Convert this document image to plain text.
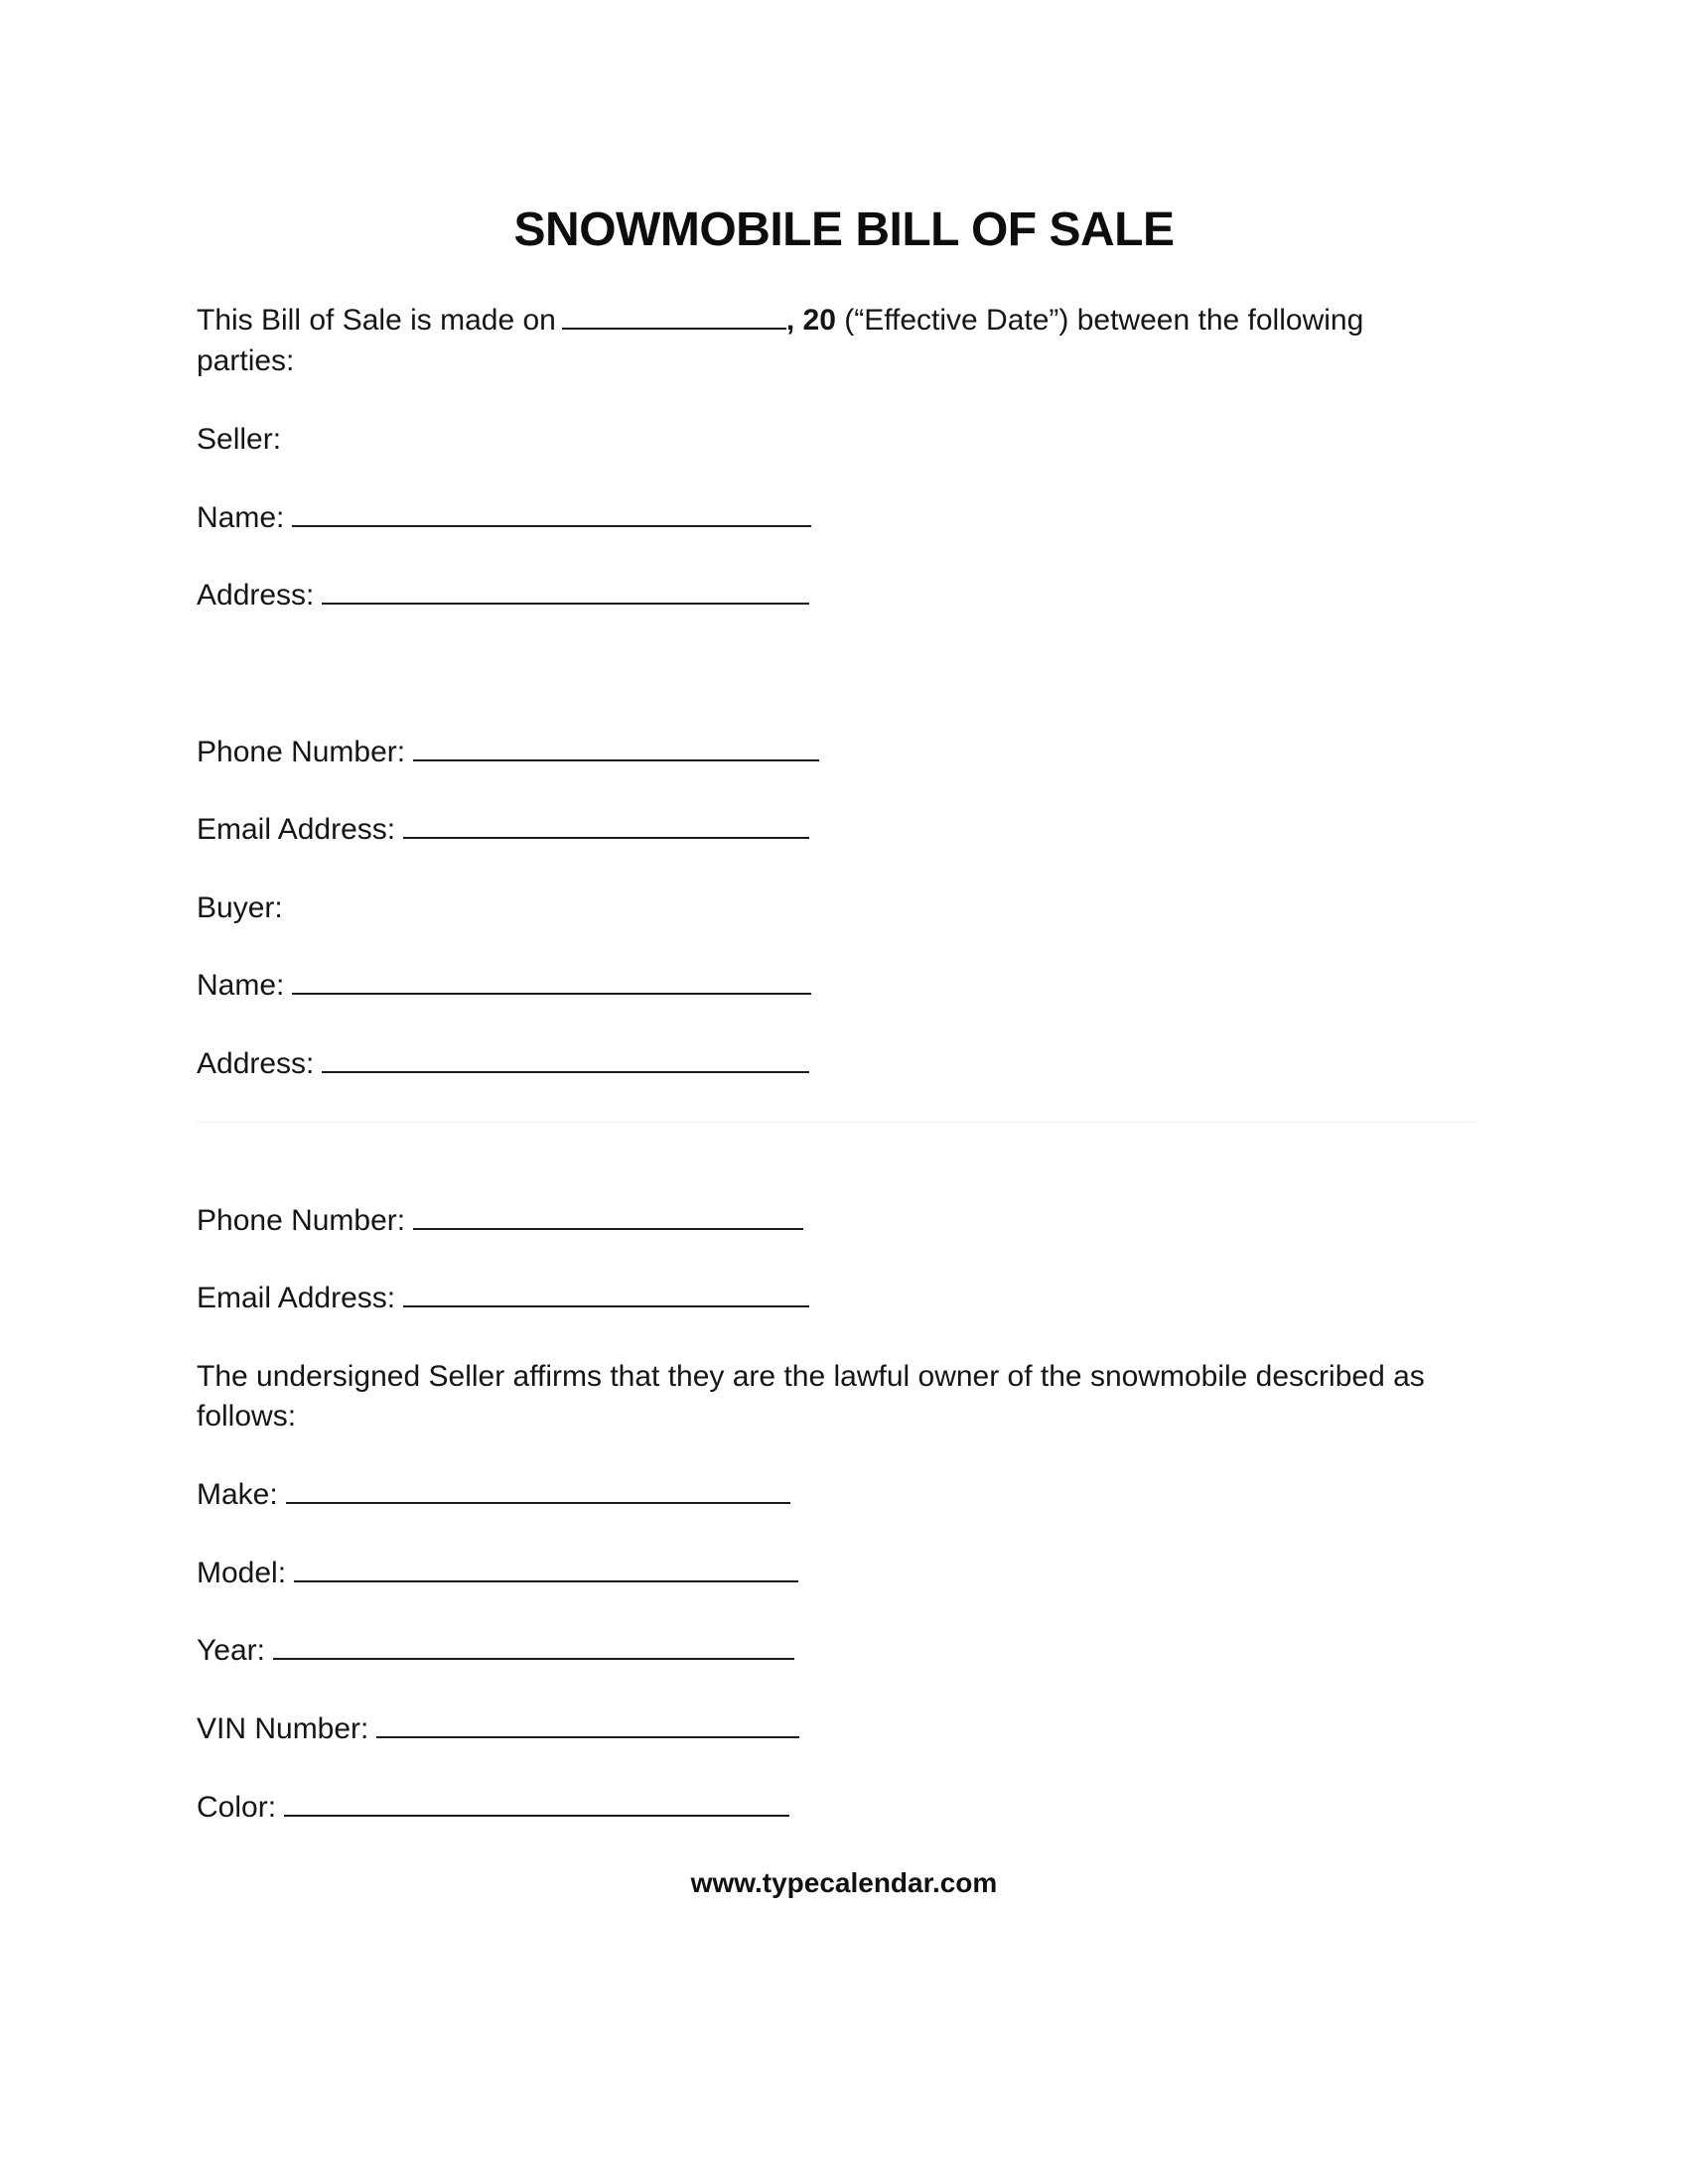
SNOWMOBILE BILL OF SALE
This Bill of Sale is made on	, 20 (“Effective Date”) between the following
parties:
Seller:
Name:
Address:
Phone Number:
Email Address:
Buyer:
Name:
Address:
Phone Number:
Email Address:
The undersigned Seller affirms that they are the lawful owner of the snowmobile described as
follows:
Make:
Model:
Year:
VIN Number:
Color:
www.typecalendar.com
